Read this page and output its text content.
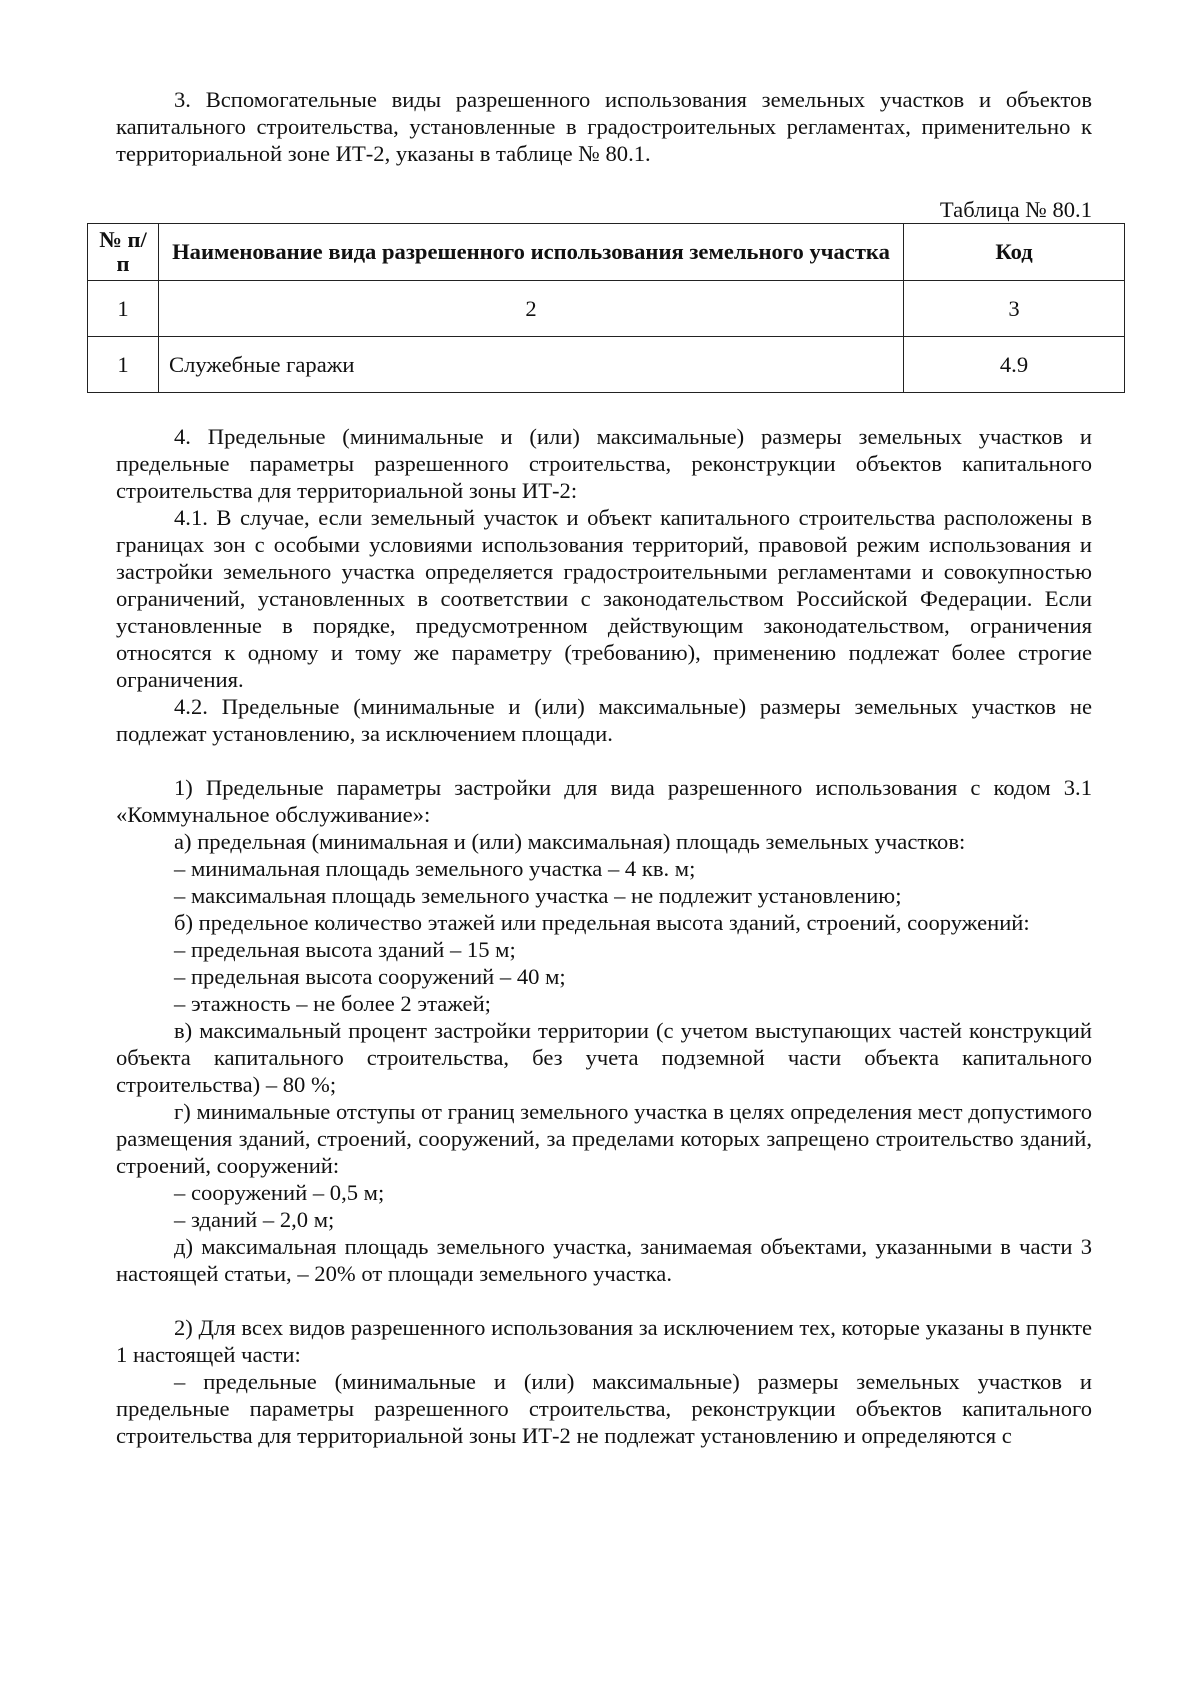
3. Вспомогательные виды разрешенного использования земельных участков и объектов капитального строительства, установленные в градостроительных регламентах, применительно к территориальной зоне ИТ-2, указаны в таблице № 80.1.

Таблица № 80.1

№ п/п	Наименование вида разрешенного использования земельного участка	Код
1	2	3
1	Служебные гаражи	4.9

4. Предельные (минимальные и (или) максимальные) размеры земельных участков и предельные параметры разрешенного строительства, реконструкции объектов капитального строительства для территориальной зоны ИТ-2:

4.1. В случае, если земельный участок и объект капитального строительства расположены в границах зон с особыми условиями использования территорий, правовой режим использования и застройки земельного участка определяется градостроительными регламентами и совокупностью ограничений, установленных в соответствии с законодательством Российской Федерации. Если установленные в порядке, предусмотренном действующим законодательством, ограничения относятся к одному и тому же параметру (требованию), применению подлежат более строгие ограничения.

4.2. Предельные (минимальные и (или) максимальные) размеры земельных участков не подлежат установлению, за исключением площади.

1) Предельные параметры застройки для вида разрешенного использования с кодом 3.1 «Коммунальное обслуживание»:

а) предельная (минимальная и (или) максимальная) площадь земельных участков:

– минимальная площадь земельного участка – 4 кв. м;

– максимальная площадь земельного участка – не подлежит установлению;

б) предельное количество этажей или предельная высота зданий, строений, сооружений:

– предельная высота зданий – 15 м;

– предельная высота сооружений – 40 м;

– этажность – не более 2 этажей;

в) максимальный процент застройки территории (с учетом выступающих частей конструкций объекта капитального строительства, без учета подземной части объекта капитального строительства) – 80 %;

г) минимальные отступы от границ земельного участка в целях определения мест допустимого размещения зданий, строений, сооружений, за пределами которых запрещено строительство зданий, строений, сооружений:

– сооружений – 0,5 м;

– зданий – 2,0 м;

д) максимальная площадь земельного участка, занимаемая объектами, указанными в части 3 настоящей статьи, – 20% от площади земельного участка.

2) Для всех видов разрешенного использования за исключением тех, которые указаны в пункте 1 настоящей части:

– предельные (минимальные и (или) максимальные) размеры земельных участков и предельные параметры разрешенного строительства, реконструкции объектов капитального строительства для территориальной зоны ИТ-2 не подлежат установлению и определяются с
